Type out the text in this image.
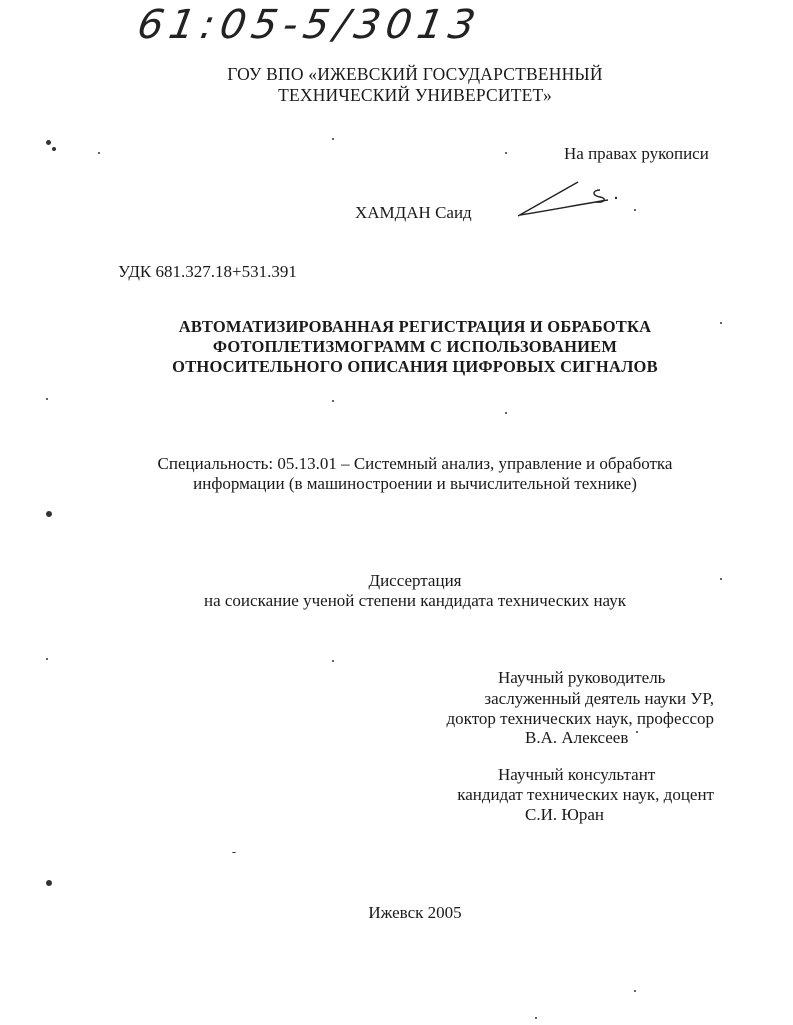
61:05-5/3013
ГОУ ВПО «ИЖЕВСКИЙ ГОСУДАРСТВЕННЫЙ
ТЕХНИЧЕСКИЙ УНИВЕРСИТЕТ»
На правах рукописи
ХАМДАН Саид
УДК 681.327.18+531.391
АВТОМАТИЗИРОВАННАЯ РЕГИСТРАЦИЯ И ОБРАБОТКА
ФОТОПЛЕТИЗМОГРАММ С ИСПОЛЬЗОВАНИЕМ
ОТНОСИТЕЛЬНОГО ОПИСАНИЯ ЦИФРОВЫХ СИГНАЛОВ
Специальность: 05.13.01 – Системный анализ, управление и обработка
информации (в машиностроении и вычислительной технике)
Диссертация
на соискание ученой степени кандидата технических наук
Научный руководитель
заслуженный деятель науки УР,
доктор технических наук, профессор
В.А. Алексеев
Научный консультант
кандидат технических наук, доцент
С.И. Юран
Ижевск 2005
